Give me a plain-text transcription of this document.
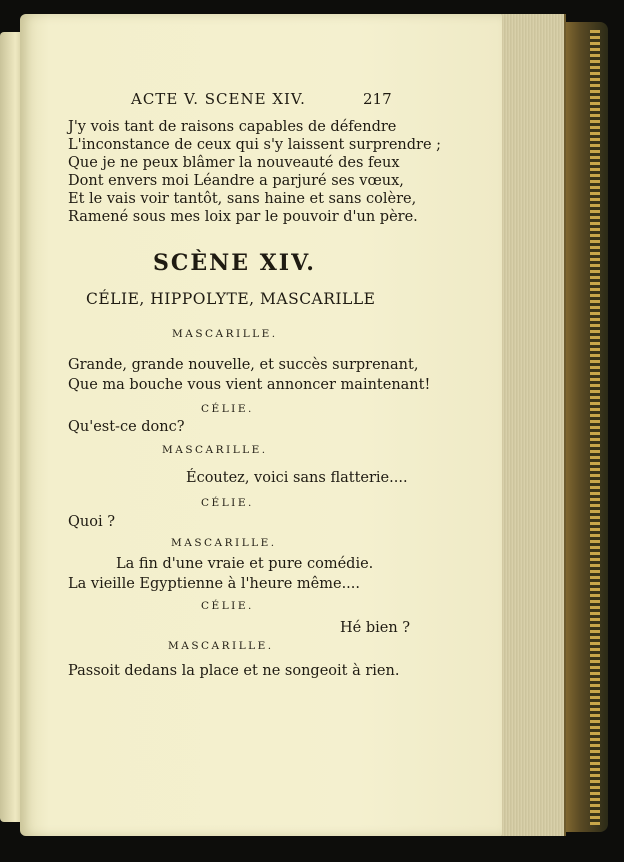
ACTE V. SCENE XIV.	217
J'y vois tant de raisons capables de défendre
L'inconstance de ceux qui s'y laissent surprendre ;
Que je ne peux blâmer la nouveauté des feux
Dont envers moi Léandre a parjuré ses vœux,
Et le vais voir tantôt, sans haine et sans colère,
Ramené sous mes loix par le pouvoir d'un père.
SCÈNE XIV.
CÉLIE, HIPPOLYTE, MASCARILLE
MASCARILLE.
Grande, grande nouvelle, et succès surprenant,
Que ma bouche vous vient annoncer maintenant!
CÉLIE.
Qu'est-ce donc?
MASCARILLE.
Écoutez, voici sans flatterie....
CÉLIE.
Quoi ?
MASCARILLE.
La fin d'une vraie et pure comédie.
La vieille Egyptienne à l'heure même....
CÉLIE.
Hé bien ?
MASCARILLE.
Passoit dedans la place et ne songeoit à rien.
